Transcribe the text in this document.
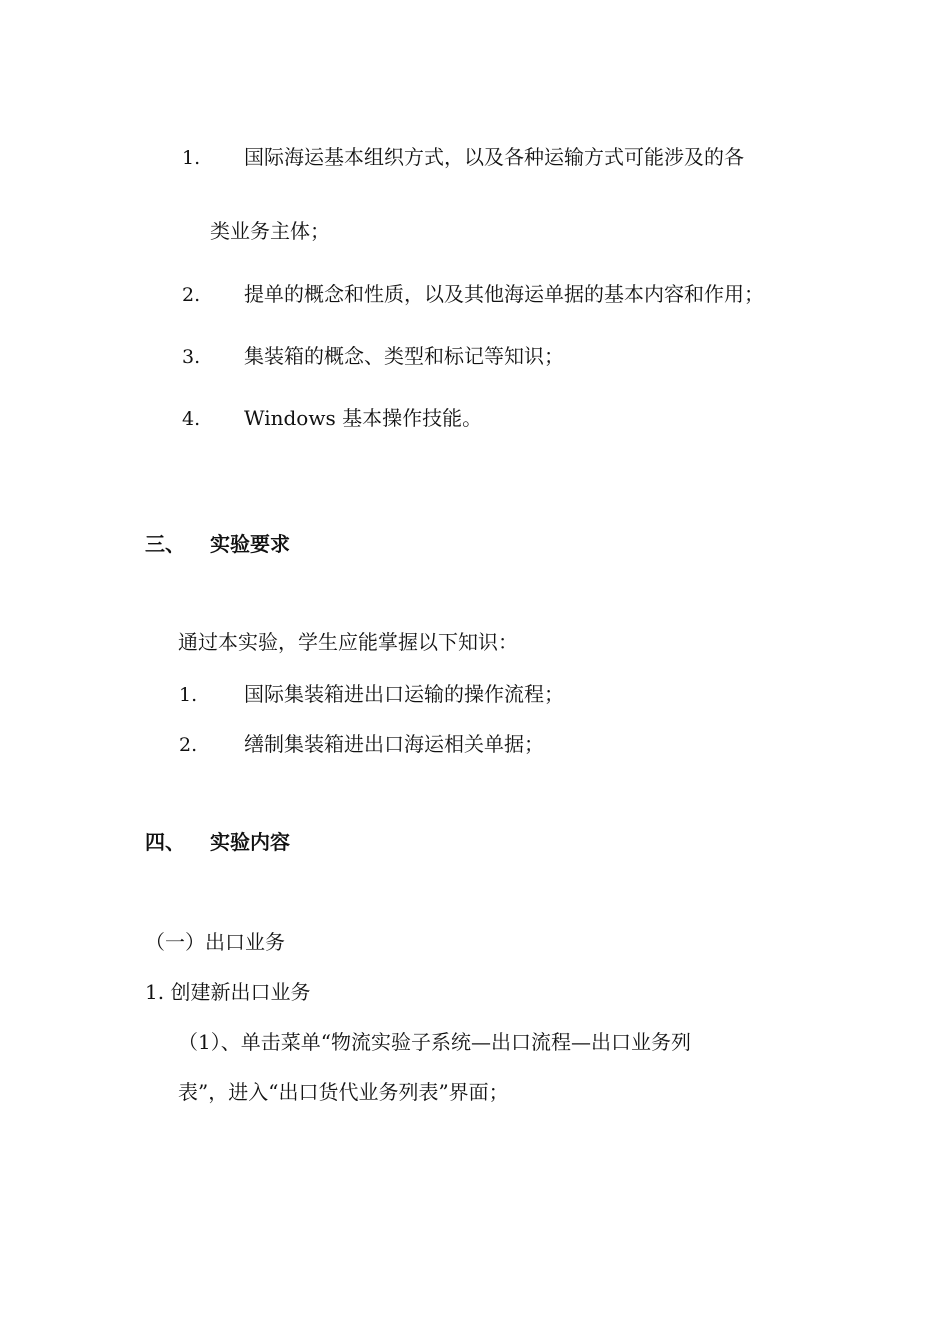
1. 国际海运基本组织方式，以及各种运输方式可能涉及的各
类业务主体；
2. 提单的概念和性质，以及其他海运单据的基本内容和作用；
3. 集装箱的概念、类型和标记等知识；
4. Windows 基本操作技能。
三、 实验要求
通过本实验，学生应能掌握以下知识：
1. 国际集装箱进出口运输的操作流程；
2. 缮制集装箱进出口海运相关单据；
四、 实验内容
（一）出口业务
1. 创建新出口业务
（1）、单击菜单“物流实验子系统—出口流程—出口业务列
表”，进入“出口货代业务列表”界面；
